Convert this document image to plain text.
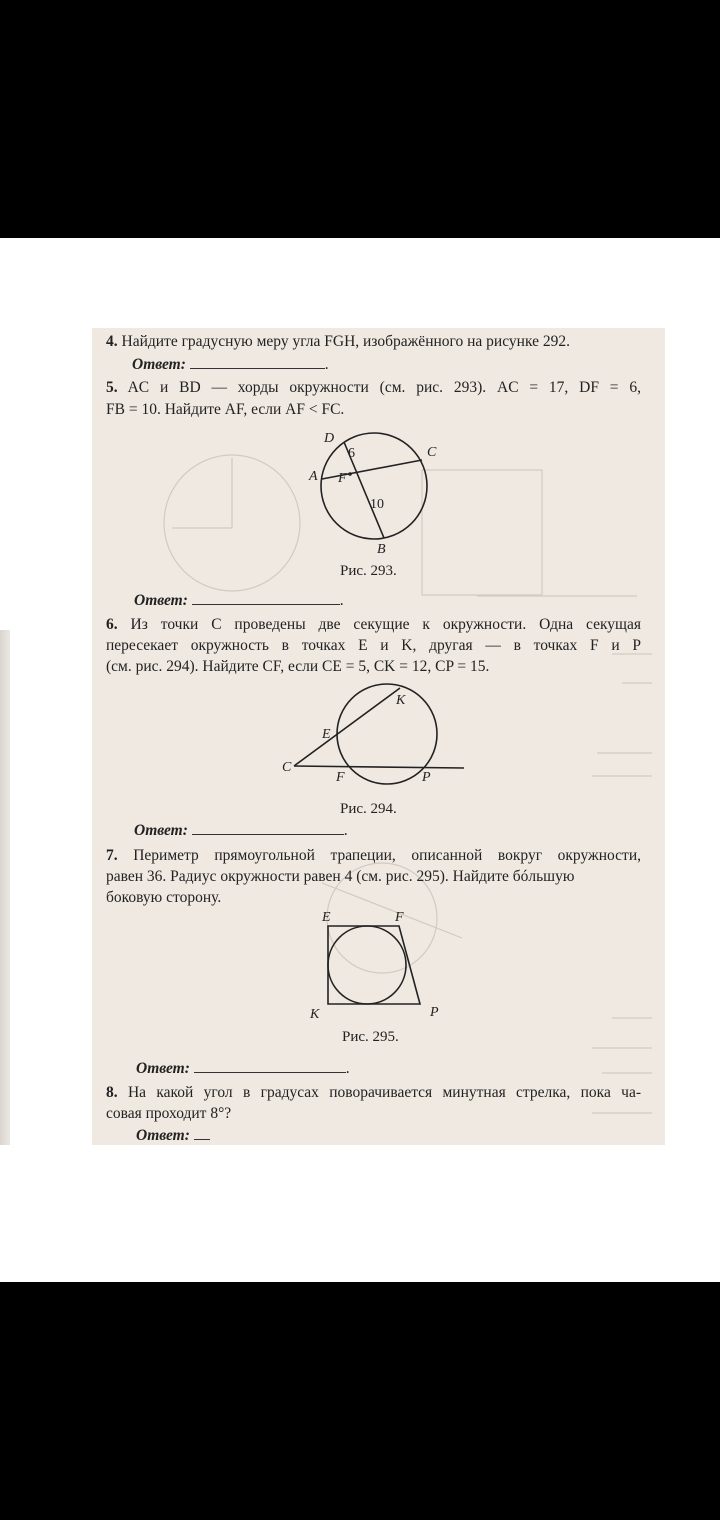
4. Найдите градусную меру угла FGH, изображённого на рисунке 292.
Ответ:	.
5. AC и BD — хорды окружности (см. рис. 293). AC = 17, DF = 6,
FB = 10. Найдите AF, если AF < FC.
D
C
A F
B
6
10
Рис. 293.
Ответ:	.
6. Из точки C проведены две секущие к окружности. Одна секущая
пересекает окружность в точках E и K, другая — в точках F и P
(см. рис. 294). Найдите CF, если CE = 5, CK = 12, CP = 15.
K
E
C
F	P
Рис. 294.
Ответ:	.
7. Периметр прямоугольной трапеции, описанной вокруг окружности,
равен 36. Радиус окружности равен 4 (см. рис. 295). Найдите бóльшую
боковую сторону.
E	F
K	P
Рис. 295.
Ответ:	.
8. На какой угол в градусах поворачивается минутная стрелка, пока ча-
совая проходит 8°?
Ответ:
